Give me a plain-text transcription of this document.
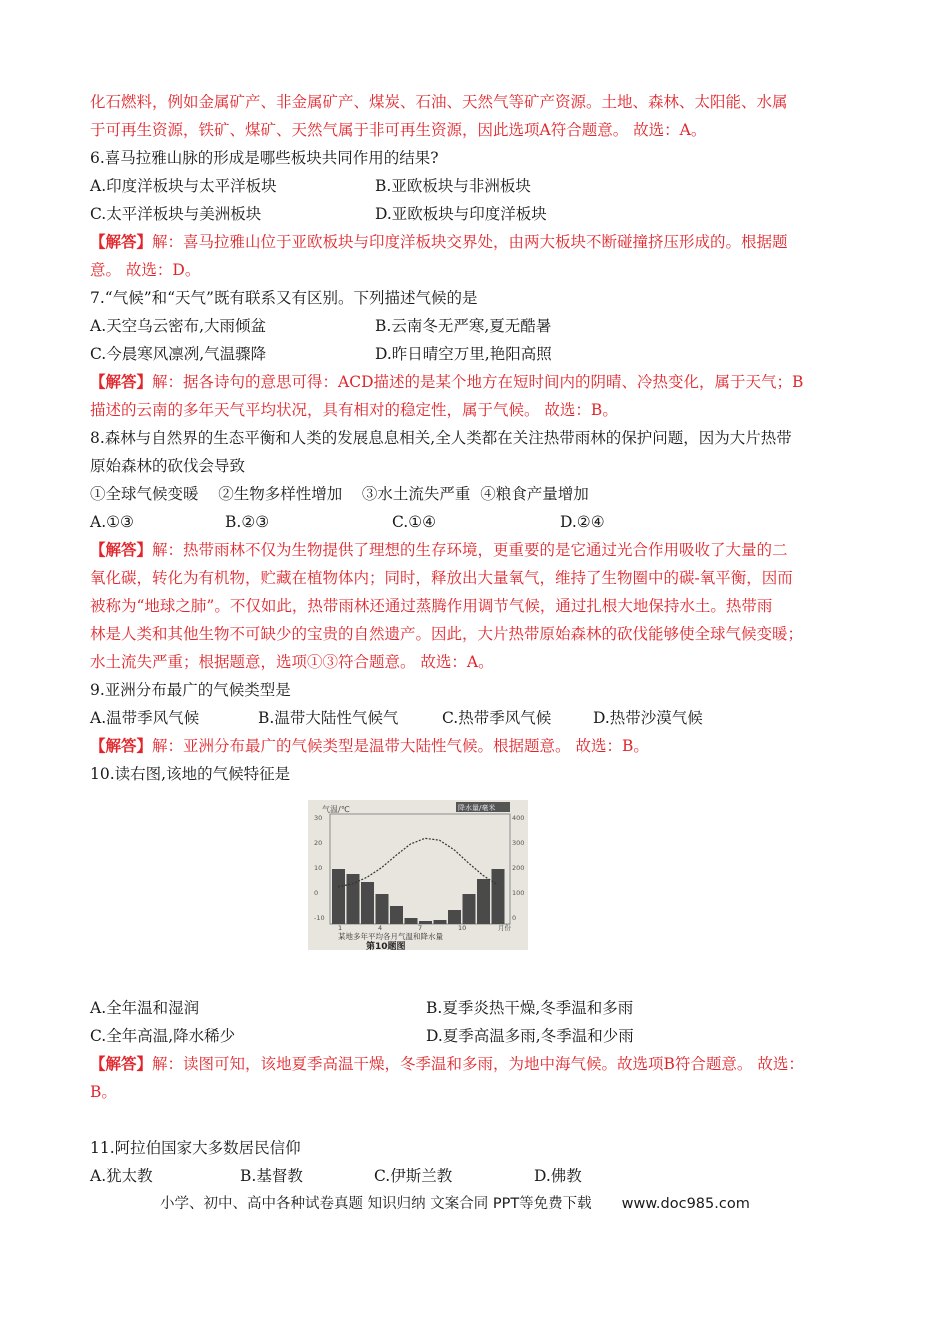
化石燃料，例如金属矿产、非金属矿产、煤炭、石油、天然气等矿产资源。土地、森林、太阳能、水属
于可再生资源，铁矿、煤矿、天然气属于非可再生资源，因此选项A符合题意。 故选：A。
6.喜马拉雅山脉的形成是哪些板块共同作用的结果?
A.印度洋板块与太平洋板块	B.亚欧板块与非洲板块
C.太平洋板块与美洲板块	D.亚欧板块与印度洋板块
【解答】解：喜马拉雅山位于亚欧板块与印度洋板块交界处，由两大板块不断碰撞挤压形成的。根据题
意。 故选：D。
7.“气候”和“天气”既有联系又有区别。下列描述气候的是
A.天空乌云密布,大雨倾盆	B.云南冬无严寒,夏无酷暑
C.今晨寒风凛冽,气温骤降	D.昨日晴空万里,艳阳高照
【解答】解：据各诗句的意思可得：ACD描述的是某个地方在短时间内的阴晴、冷热变化，属于天气；B
描述的云南的多年天气平均状况，具有相对的稳定性，属于气候。 故选：B。
8.森林与自然界的生态平衡和人类的发展息息相关,全人类都在关注热带雨林的保护问题，因为大片热带
原始森林的砍伐会导致
①全球气候变暖    ②生物多样性增加    ③水土流失严重  ④粮食产量增加
A.①③	B.②③	C.①④	D.②④
【解答】解：热带雨林不仅为生物提供了理想的生存环境，更重要的是它通过光合作用吸收了大量的二
氧化碳，转化为有机物，贮藏在植物体内；同时，释放出大量氧气，维持了生物圈中的碳-氧平衡，因而
被称为“地球之肺”。不仅如此，热带雨林还通过蒸腾作用调节气候，通过扎根大地保持水土。热带雨
林是人类和其他生物不可缺少的宝贵的自然遗产。因此，大片热带原始森林的砍伐能够使全球气候变暖；
水土流失严重；根据题意，选项①③符合题意。 故选：A。
9.亚洲分布最广的气候类型是
A.温带季风气候	B.温带大陆性气候气	C.热带季风气候	D.热带沙漠气候
【解答】解：亚洲分布最广的气候类型是温带大陆性气候。根据题意。 故选：B。
10.读右图,该地的气候特征是
气温/℃	降水量/毫米
30
20
10
0
-10
400
300
200
100
0
1	4	7	10	月份
某地多年平均各月气温和降水量
第10题图
A.全年温和湿润	B.夏季炎热干燥,冬季温和多雨
C.全年高温,降水稀少	D.夏季高温多雨,冬季温和少雨
【解答】解：读图可知，该地夏季高温干燥，冬季温和多雨，为地中海气候。故选项B符合题意。 故选：
B。
11.阿拉伯国家大多数居民信仰
A.犹太教	B.基督教	C.伊斯兰教	D.佛教
小学、初中、高中各种试卷真题 知识归纳 文案合同 PPT等免费下载 www.doc985.com
